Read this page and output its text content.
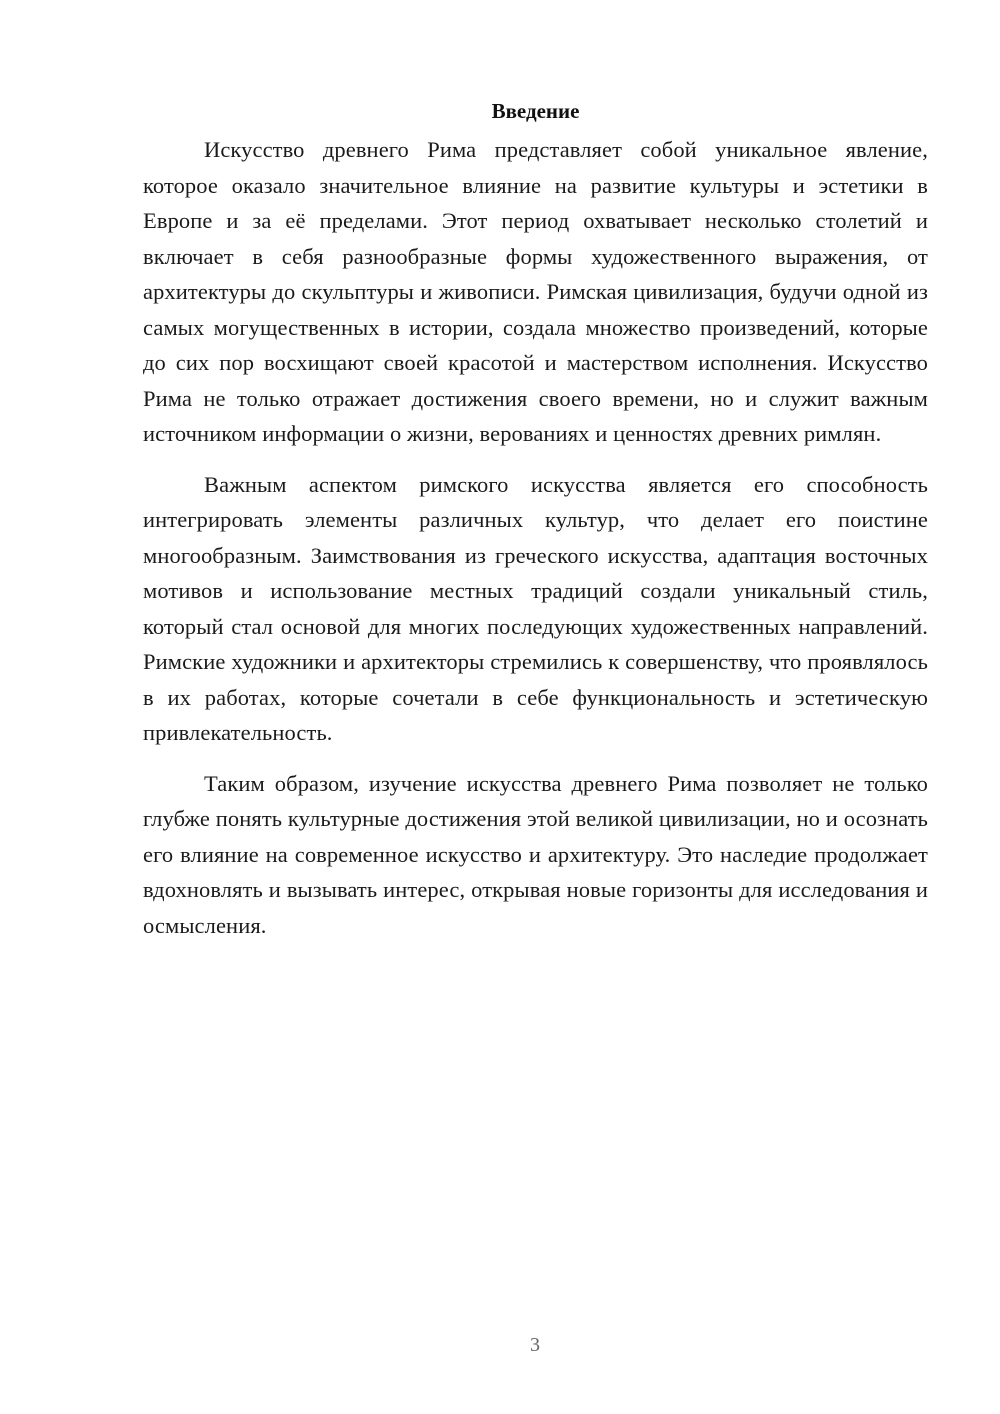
Введение

Искусство древнего Рима представляет собой уникальное явление, которое оказало значительное влияние на развитие культуры и эстетики в Европе и за её пределами. Этот период охватывает несколько столетий и включает в себя разнообразные формы художественного выражения, от архитектуры до скульптуры и живописи. Римская цивилизация, будучи одной из самых могущественных в истории, создала множество произведений, которые до сих пор восхищают своей красотой и мастерством исполнения. Искусство Рима не только отражает достижения своего времени, но и служит важным источником информации о жизни, верованиях и ценностях древних римлян.

Важным аспектом римского искусства является его способность интегрировать элементы различных культур, что делает его поистине многообразным. Заимствования из греческого искусства, адаптация восточных мотивов и использование местных традиций создали уникальный стиль, который стал основой для многих последующих художественных направлений. Римские художники и архитекторы стремились к совершенству, что проявлялось в их работах, которые сочетали в себе функциональность и эстетическую привлекательность.

Таким образом, изучение искусства древнего Рима позволяет не только глубже понять культурные достижения этой великой цивилизации, но и осознать его влияние на современное искусство и архитектуру. Это наследие продолжает вдохновлять и вызывать интерес, открывая новые горизонты для исследования и осмысления.

3
